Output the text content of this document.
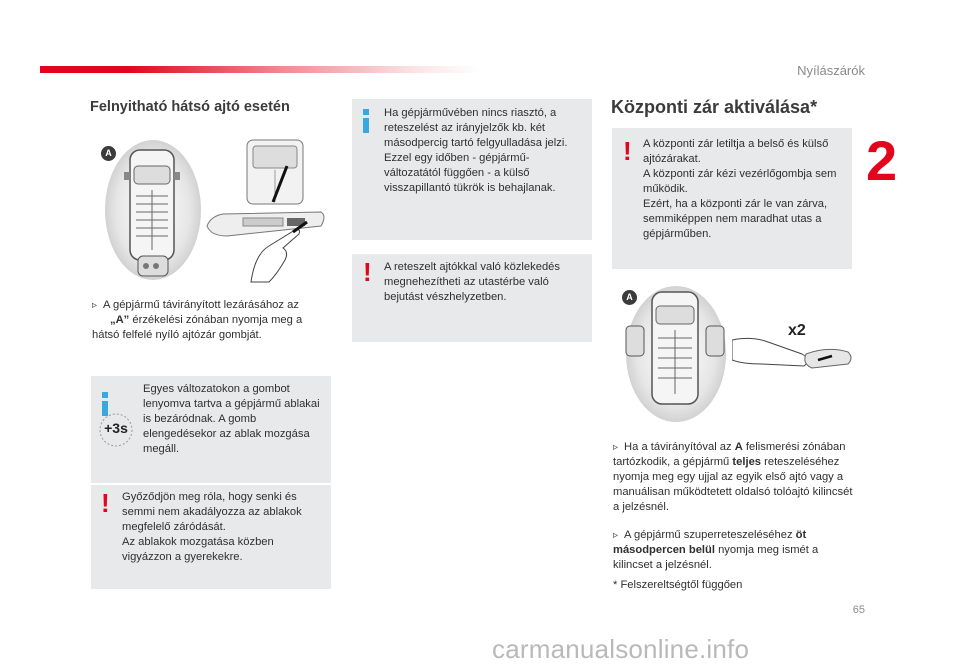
Nyílászárók
2
Felnyitható hátsó ajtó esetén
A
▹ A gépjármű távirányított lezárásához az
„A” érzékelési zónában nyomja meg a hátsó felfelé nyíló ajtózár gombját.
+3s
Egyes változatokon a gombot lenyomva tartva a gépjármű ablakai is bezáródnak. A gomb elengedésekor az ablak mozgása megáll.
! Győződjön meg róla, hogy senki és semmi nem akadályozza az ablakok megfelelő záródását.
Az ablakok mozgatása közben vigyázzon a gyerekekre.
Ha gépjárművében nincs riasztó, a reteszelést az irányjelzők kb. két másodpercig tartó felgyulladása jelzi. Ezzel egy időben - gépjármű-változatától függően - a külső visszapillantó tükrök is behajlanak.
! A reteszelt ajtókkal való közlekedés megnehezítheti az utastérbe való bejutást vészhelyzetben.
Központi zár aktiválása*
! A központi zár letiltja a belső és külső ajtózárakat.
A központi zár kézi vezérlőgombja sem működik.
Ezért, ha a központi zár le van zárva, semmiképpen nem maradhat utas a gépjárműben.
A
x2
▹ Ha a távirányítóval az A felismerési zónában tartózkodik, a gépjármű teljes reteszeléséhez nyomja meg egy ujjal az egyik első ajtó vagy a manuálisan működtetett oldalsó tolóajtó kilincsét a jelzésnél.
▹ A gépjármű szuperreteszeléséhez öt másodpercen belül nyomja meg ismét a kilincset a jelzésnél.
* Felszereltségtől függően
65
carmanualsonline.info
